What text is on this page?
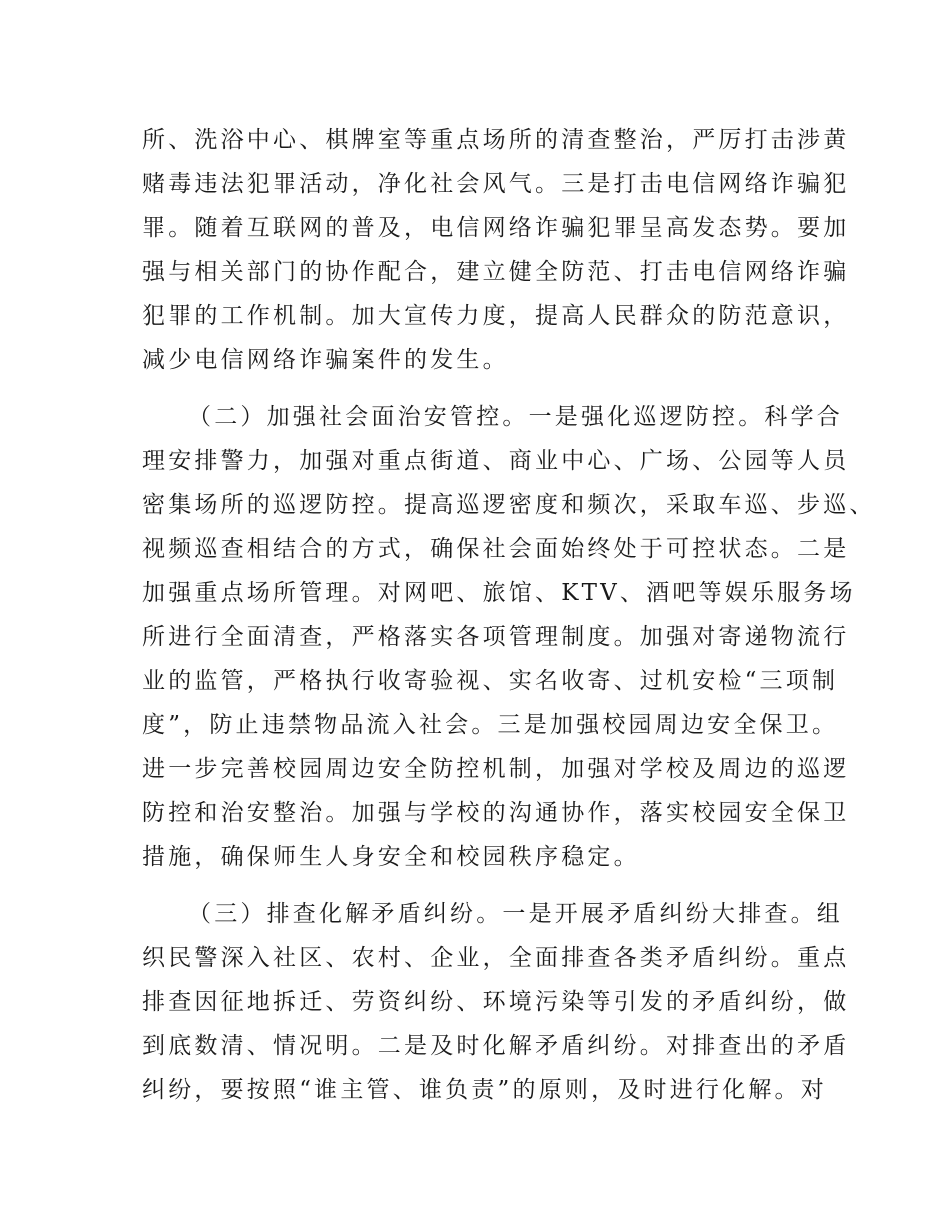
所、洗浴中心、棋牌室等重点场所的清查整治，严厉打击涉黄
赌毒违法犯罪活动，净化社会风气。三是打击电信网络诈骗犯
罪。随着互联网的普及，电信网络诈骗犯罪呈高发态势。要加
强与相关部门的协作配合，建立健全防范、打击电信网络诈骗
犯罪的工作机制。加大宣传力度，提高人民群众的防范意识，
减少电信网络诈骗案件的发生。
（二）加强社会面治安管控。一是强化巡逻防控。科学合
理安排警力，加强对重点街道、商业中心、广场、公园等人员
密集场所的巡逻防控。提高巡逻密度和频次，采取车巡、步巡、
视频巡查相结合的方式，确保社会面始终处于可控状态。二是
加强重点场所管理。对网吧、旅馆、KTV、酒吧等娱乐服务场
所进行全面清查，严格落实各项管理制度。加强对寄递物流行
业的监管，严格执行收寄验视、实名收寄、过机安检“三项制
度”，防止违禁物品流入社会。三是加强校园周边安全保卫。
进一步完善校园周边安全防控机制，加强对学校及周边的巡逻
防控和治安整治。加强与学校的沟通协作，落实校园安全保卫
措施，确保师生人身安全和校园秩序稳定。
（三）排查化解矛盾纠纷。一是开展矛盾纠纷大排查。组
织民警深入社区、农村、企业，全面排查各类矛盾纠纷。重点
排查因征地拆迁、劳资纠纷、环境污染等引发的矛盾纠纷，做
到底数清、情况明。二是及时化解矛盾纠纷。对排查出的矛盾
纠纷，要按照“谁主管、谁负责”的原则，及时进行化解。对
